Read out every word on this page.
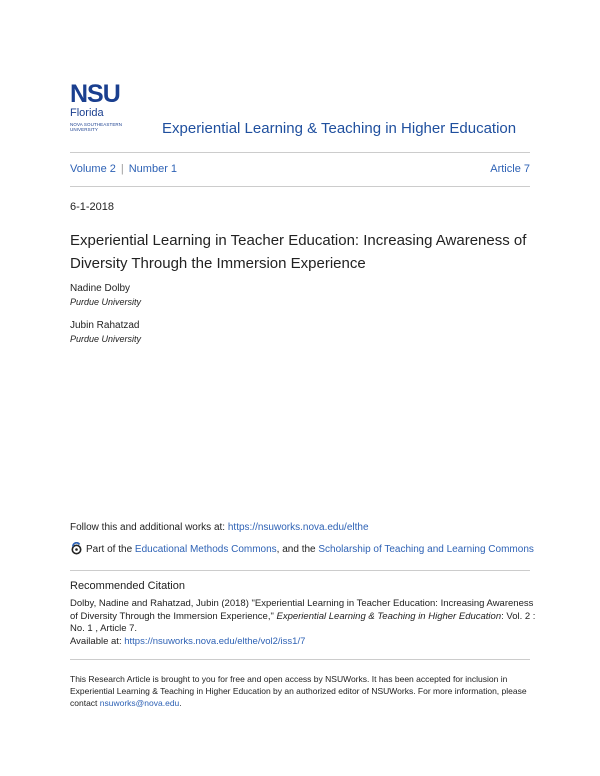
NSU
Florida
NOVA SOUTHEASTERN UNIVERSITY	Experiential Learning & Teaching in Higher Education
Volume 2 | Number 1	Article 7
6-1-2018
Experiential Learning in Teacher Education: Increasing Awareness of Diversity Through the Immersion Experience
Nadine Dolby
Purdue University
Jubin Rahatzad
Purdue University
Follow this and additional works at: https://nsuworks.nova.edu/elthe
Part of the Educational Methods Commons, and the Scholarship of Teaching and Learning Commons
Recommended Citation
Dolby, Nadine and Rahatzad, Jubin (2018) "Experiential Learning in Teacher Education: Increasing Awareness of Diversity Through the Immersion Experience," Experiential Learning & Teaching in Higher Education: Vol. 2 : No. 1 , Article 7.
Available at: https://nsuworks.nova.edu/elthe/vol2/iss1/7
This Research Article is brought to you for free and open access by NSUWorks. It has been accepted for inclusion in Experiential Learning & Teaching in Higher Education by an authorized editor of NSUWorks. For more information, please contact nsuworks@nova.edu.
